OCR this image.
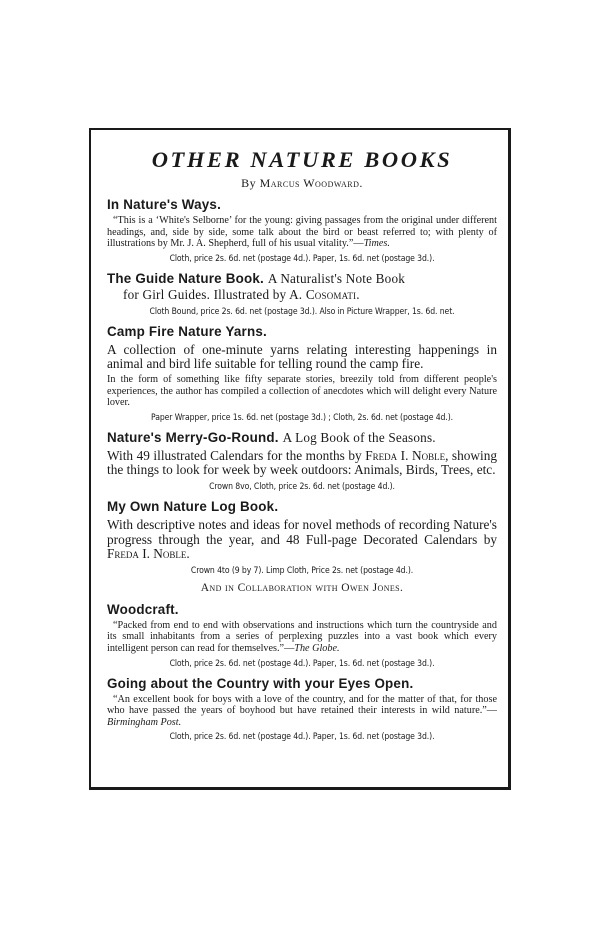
OTHER NATURE BOOKS
By Marcus Woodward.
In Nature's Ways.
“This is a ‘White's Selborne’ for the young: giving passages from the original under different headings, and, side by side, some talk about the bird or beast referred to; with plenty of illustrations by Mr. J. A. Shepherd, full of his usual vitality.”—Times.
Cloth, price 2s. 6d. net (postage 4d.). Paper, 1s. 6d. net (postage 3d.).
The Guide Nature Book. A Naturalist's Note Book
for Girl Guides. Illustrated by A. Cosomati.
Cloth Bound, price 2s. 6d. net (postage 3d.). Also in Picture Wrapper, 1s. 6d. net.
Camp Fire Nature Yarns.
A collection of one-minute yarns relating interesting happenings in animal and bird life suitable for telling round the camp fire.
In the form of something like fifty separate stories, breezily told from different people's experiences, the author has compiled a collection of anecdotes which will delight every Nature lover.
Paper Wrapper, price 1s. 6d. net (postage 3d.) ; Cloth, 2s. 6d. net (postage 4d.).
Nature's Merry-Go-Round. A Log Book of the Seasons.
With 49 illustrated Calendars for the months by Freda I. Noble, showing the things to look for week by week outdoors: Animals, Birds, Trees, etc.
Crown 8vo, Cloth, price 2s. 6d. net (postage 4d.).
My Own Nature Log Book.
With descriptive notes and ideas for novel methods of recording Nature's progress through the year, and 48 Full-page Decorated Calendars by Freda I. Noble.
Crown 4to (9 by 7). Limp Cloth, Price 2s. net (postage 4d.).
And in Collaboration with Owen Jones.
Woodcraft.
“Packed from end to end with observations and instructions which turn the countryside and its small inhabitants from a series of perplexing puzzles into a vast book which every intelligent person can read for themselves.”—The Globe.
Cloth, price 2s. 6d. net (postage 4d.). Paper, 1s. 6d. net (postage 3d.).
Going about the Country with your Eyes Open.
“An excellent book for boys with a love of the country, and for the matter of that, for those who have passed the years of boyhood but have retained their interests in wild nature.”—Birmingham Post.
Cloth, price 2s. 6d. net (postage 4d.). Paper, 1s. 6d. net (postage 3d.).
